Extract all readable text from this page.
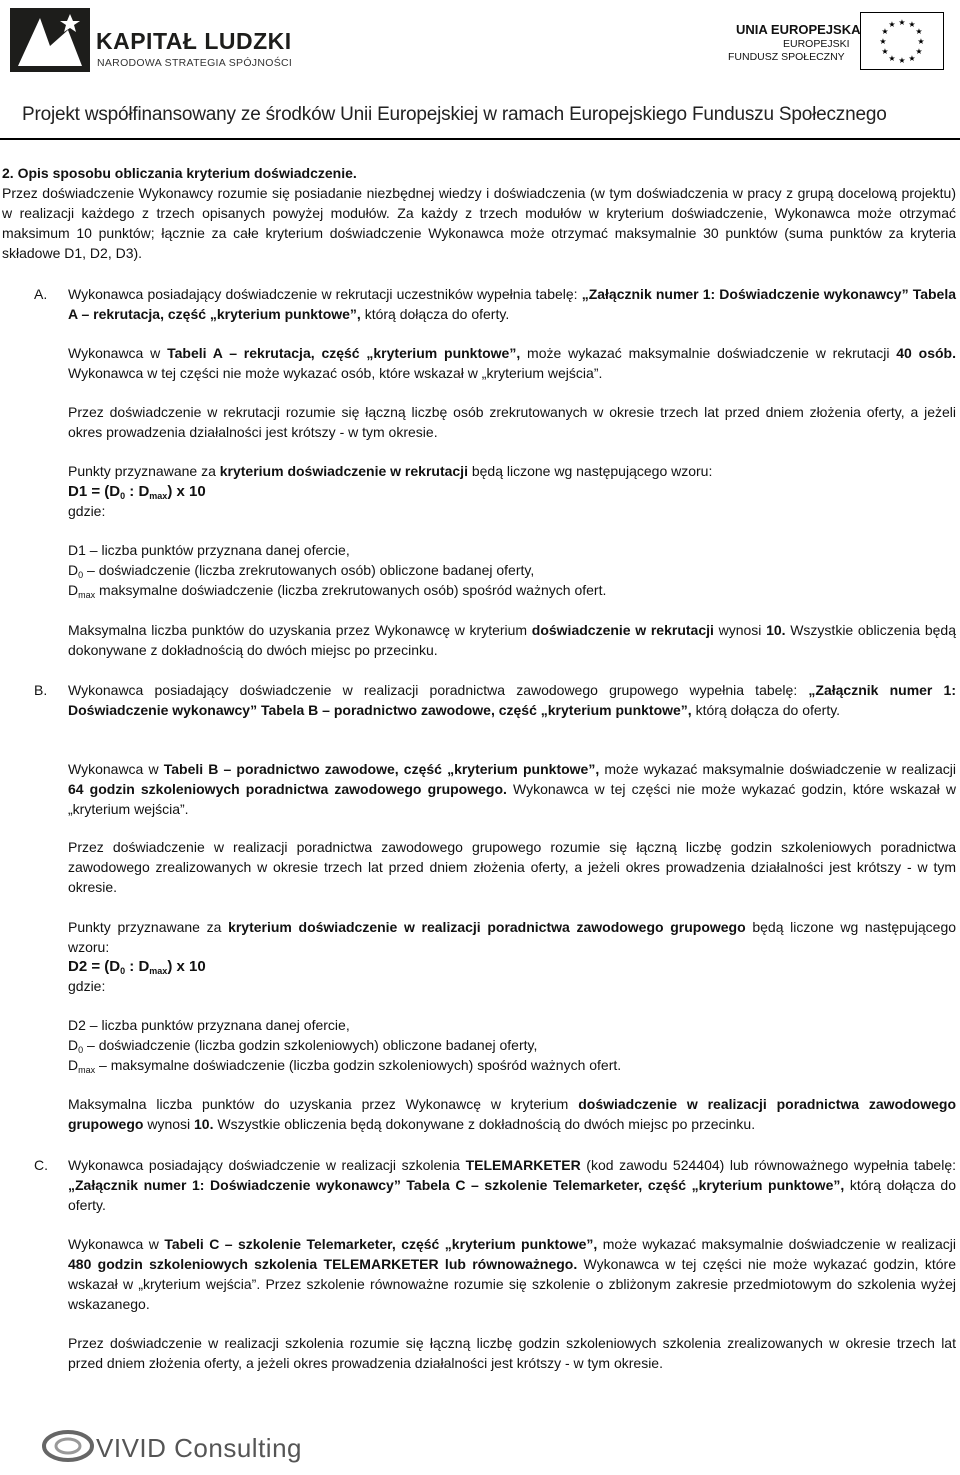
KAPITAŁ LUDZKI
NARODOWA STRATEGIA SPÓJNOŚCI
UNIA EUROPEJSKA
EUROPEJSKI
FUNDUSZ SPOŁECZNY
★ ★
★
★
★
★
★
★
★
★
★
★
Projekt współfinansowany ze środków Unii Europejskiej w ramach Europejskiego Funduszu Społecznego
2. Opis sposobu obliczania kryterium doświadczenie.
Przez doświadczenie Wykonawcy rozumie się posiadanie niezbędnej wiedzy i doświadczenia (w tym doświadczenia w pracy z grupą docelową projektu) w realizacji każdego z trzech opisanych powyżej modułów. Za każdy z trzech modułów w kryterium doświadczenie, Wykonawca może otrzymać maksimum 10 punktów; łącznie za całe kryterium doświadczenie Wykonawca może otrzymać maksymalnie 30 punktów (suma punktów za kryteria składowe D1, D2, D3).
A. Wykonawca posiadający doświadczenie w rekrutacji uczestników wypełnia tabelę: „Załącznik numer 1: Doświadczenie wykonawcy” Tabela A – rekrutacja, część „kryterium punktowe”, którą dołącza do oferty.
Wykonawca w Tabeli A – rekrutacja, część „kryterium punktowe”, może wykazać maksymalnie doświadczenie w rekrutacji 40 osób. Wykonawca w tej części nie może wykazać osób, które wskazał w „kryterium wejścia”.
Przez doświadczenie w rekrutacji rozumie się łączną liczbę osób zrekrutowanych w okresie trzech lat przed dniem złożenia oferty, a jeżeli okres prowadzenia działalności jest krótszy - w tym okresie.
Punkty przyznawane za kryterium doświadczenie w rekrutacji będą liczone wg następującego wzoru:
$D1 = (D_0$ : $D_{max}$) x 10
gdzie:
D1 – liczba punktów przyznana danej ofercie,
$D_0$ – doświadczenie (liczba zrekrutowanych osób) obliczone badanej oferty,
$D_{max}$ maksymalne doświadczenie (liczba zrekrutowanych osób) spośród ważnych ofert.
Maksymalna liczba punktów do uzyskania przez Wykonawcę w kryterium doświadczenie w rekrutacji wynosi 10. Wszystkie obliczenia będą dokonywane z dokładnością do dwóch miejsc po przecinku.
B. Wykonawca posiadający doświadczenie w realizacji poradnictwa zawodowego grupowego wypełnia tabelę: „Załącznik numer 1: Doświadczenie wykonawcy” Tabela B – poradnictwo zawodowe, część „kryterium punktowe”, którą dołącza do oferty.
Wykonawca w Tabeli B – poradnictwo zawodowe, część „kryterium punktowe”, może wykazać maksymalnie doświadczenie w realizacji 64 godzin szkoleniowych poradnictwa zawodowego grupowego. Wykonawca w tej części nie może wykazać godzin, które wskazał w „kryterium wejścia”.
Przez doświadczenie w realizacji poradnictwa zawodowego grupowego rozumie się łączną liczbę godzin szkoleniowych poradnictwa zawodowego zrealizowanych w okresie trzech lat przed dniem złożenia oferty, a jeżeli okres prowadzenia działalności jest krótszy - w tym okresie.
Punkty przyznawane za kryterium doświadczenie w realizacji poradnictwa zawodowego grupowego będą liczone wg następującego wzoru:
$D2 = (D_0$ : $D_{max}$) x 10
gdzie:
D2 – liczba punktów przyznana danej ofercie,
$D_0$ – doświadczenie (liczba godzin szkoleniowych) obliczone badanej oferty,
$D_{max}$ – maksymalne doświadczenie (liczba godzin szkoleniowych) spośród ważnych ofert.
Maksymalna liczba punktów do uzyskania przez Wykonawcę w kryterium doświadczenie w realizacji poradnictwa zawodowego grupowego wynosi 10. Wszystkie obliczenia będą dokonywane z dokładnością do dwóch miejsc po przecinku.
C. Wykonawca posiadający doświadczenie w realizacji szkolenia TELEMARKETER (kod zawodu 524404) lub równoważnego wypełnia tabelę: „Załącznik numer 1: Doświadczenie wykonawcy” Tabela C – szkolenie Telemarketer, część „kryterium punktowe”, którą dołącza do oferty.
Wykonawca w Tabeli C – szkolenie Telemarketer, część „kryterium punktowe”, może wykazać maksymalnie doświadczenie w realizacji 480 godzin szkoleniowych szkolenia TELEMARKETER lub równoważnego. Wykonawca w tej części nie może wykazać godzin, które wskazał w „kryterium wejścia”. Przez szkolenie równoważne rozumie się szkolenie o zbliżonym zakresie przedmiotowym do szkolenia wyżej wskazanego.
Przez doświadczenie w realizacji szkolenia rozumie się łączną liczbę godzin szkoleniowych szkolenia zrealizowanych w okresie trzech lat przed dniem złożenia oferty, a jeżeli okres prowadzenia działalności jest krótszy - w tym okresie.
VIVID Consulting
